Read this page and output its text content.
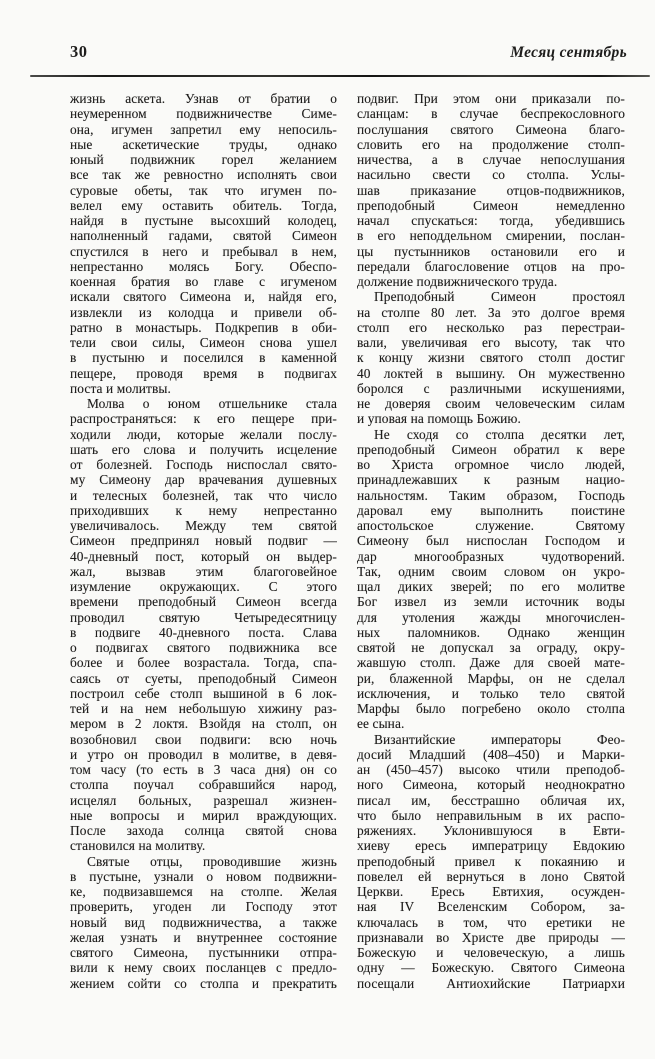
30	Месяц сентябрь
жизнь аскета. Узнав от братии о
неумеренном подвижничестве Симе-
она, игумен запретил ему непосиль-
ные аскетические труды, однако
юный подвижник горел желанием
все так же ревностно исполнять свои
суровые обеты, так что игумен по-
велел ему оставить обитель. Тогда,
найдя в пустыне высохший колодец,
наполненный гадами, святой Симеон
спустился в него и пребывал в нем,
непрестанно молясь Богу. Обеспо-
коенная братия во главе с игуменом
искали святого Симеона и, найдя его,
извлекли из колодца и привели об-
ратно в монастырь. Подкрепив в оби-
тели свои силы, Симеон снова ушел
в пустыню и поселился в каменной
пещере, проводя время в подвигах
поста и молитвы.
Молва о юном отшельнике стала
распространяться: к его пещере при-
ходили люди, которые желали послу-
шать его слова и получить исцеление
от болезней. Господь ниспослал свято-
му Симеону дар врачевания душевных
и телесных болезней, так что число
приходивших к нему непрестанно
увеличивалось. Между тем святой
Симеон предпринял новый подвиг —
40-дневный пост, который он выдер-
жал, вызвав этим благоговейное
изумление окружающих. С этого
времени преподобный Симеон всегда
проводил святую Четыредесятницу
в подвиге 40-дневного поста. Слава
о подвигах святого подвижника все
более и более возрастала. Тогда, спа-
саясь от суеты, преподобный Симеон
построил себе столп вышиной в 6 лок-
тей и на нем небольшую хижину раз-
мером в 2 локтя. Взойдя на столп, он
возобновил свои подвиги: всю ночь
и утро он проводил в молитве, в девя-
том часу (то есть в 3 часа дня) он со
столпа поучал собравшийся народ,
исцелял больных, разрешал жизнен-
ные вопросы и мирил враждующих.
После захода солнца святой снова
становился на молитву.
Святые отцы, проводившие жизнь
в пустыне, узнали о новом подвижни-
ке, подвизавшемся на столпе. Желая
проверить, угоден ли Господу этот
новый вид подвижничества, а также
желая узнать и внутреннее состояние
святого Симеона, пустынники отпра-
вили к нему своих посланцев с предло-
жением сойти со столпа и прекратить
подвиг. При этом они приказали по-
сланцам: в случае беспрекословного
послушания святого Симеона благо-
словить его на продолжение столп-
ничества, а в случае непослушания
насильно свести со столпа. Услы-
шав приказание отцов-подвижников,
преподобный Симеон немедленно
начал спускаться: тогда, убедившись
в его неподдельном смирении, послан-
цы пустынников остановили его и
передали благословение отцов на про-
должение подвижнического труда.
Преподобный Симеон простоял
на столпе 80 лет. За это долгое время
столп его несколько раз перестраи-
вали, увеличивая его высоту, так что
к концу жизни святого столп достиг
40 локтей в вышину. Он мужественно
боролся с различными искушениями,
не доверяя своим человеческим силам
и уповая на помощь Божию.
Не сходя со столпа десятки лет,
преподобный Симеон обратил к вере
во Христа огромное число людей,
принадлежавших к разным нацио-
нальностям. Таким образом, Господь
даровал ему выполнить поистине
апостольское служение. Святому
Симеону был ниспослан Господом и
дар многообразных чудотворений.
Так, одним своим словом он укро-
щал диких зверей; по его молитве
Бог извел из земли источник воды
для утоления жажды многочислен-
ных паломников. Однако женщин
святой не допускал за ограду, окру-
жавшую столп. Даже для своей мате-
ри, блаженной Марфы, он не сделал
исключения, и только тело святой
Марфы было погребено около столпа
ее сына.
Византийские императоры Фео-
досий Младший (408–450) и Марки-
ан (450–457) высоко чтили преподоб-
ного Симеона, который неоднократно
писал им, бесстрашно обличая их,
что было неправильным в их распо-
ряжениях. Уклонившуюся в Евти-
хиеву ересь императрицу Евдокию
преподобный привел к покаянию и
повелел ей вернуться в лоно Святой
Церкви. Ересь Евтихия, осужден-
ная IV Вселенским Собором, за-
ключалась в том, что еретики не
признавали во Христе две природы —
Божескую и человеческую, а лишь
одну — Божескую. Святого Симеона
посещали Антиохийские Патриархи
